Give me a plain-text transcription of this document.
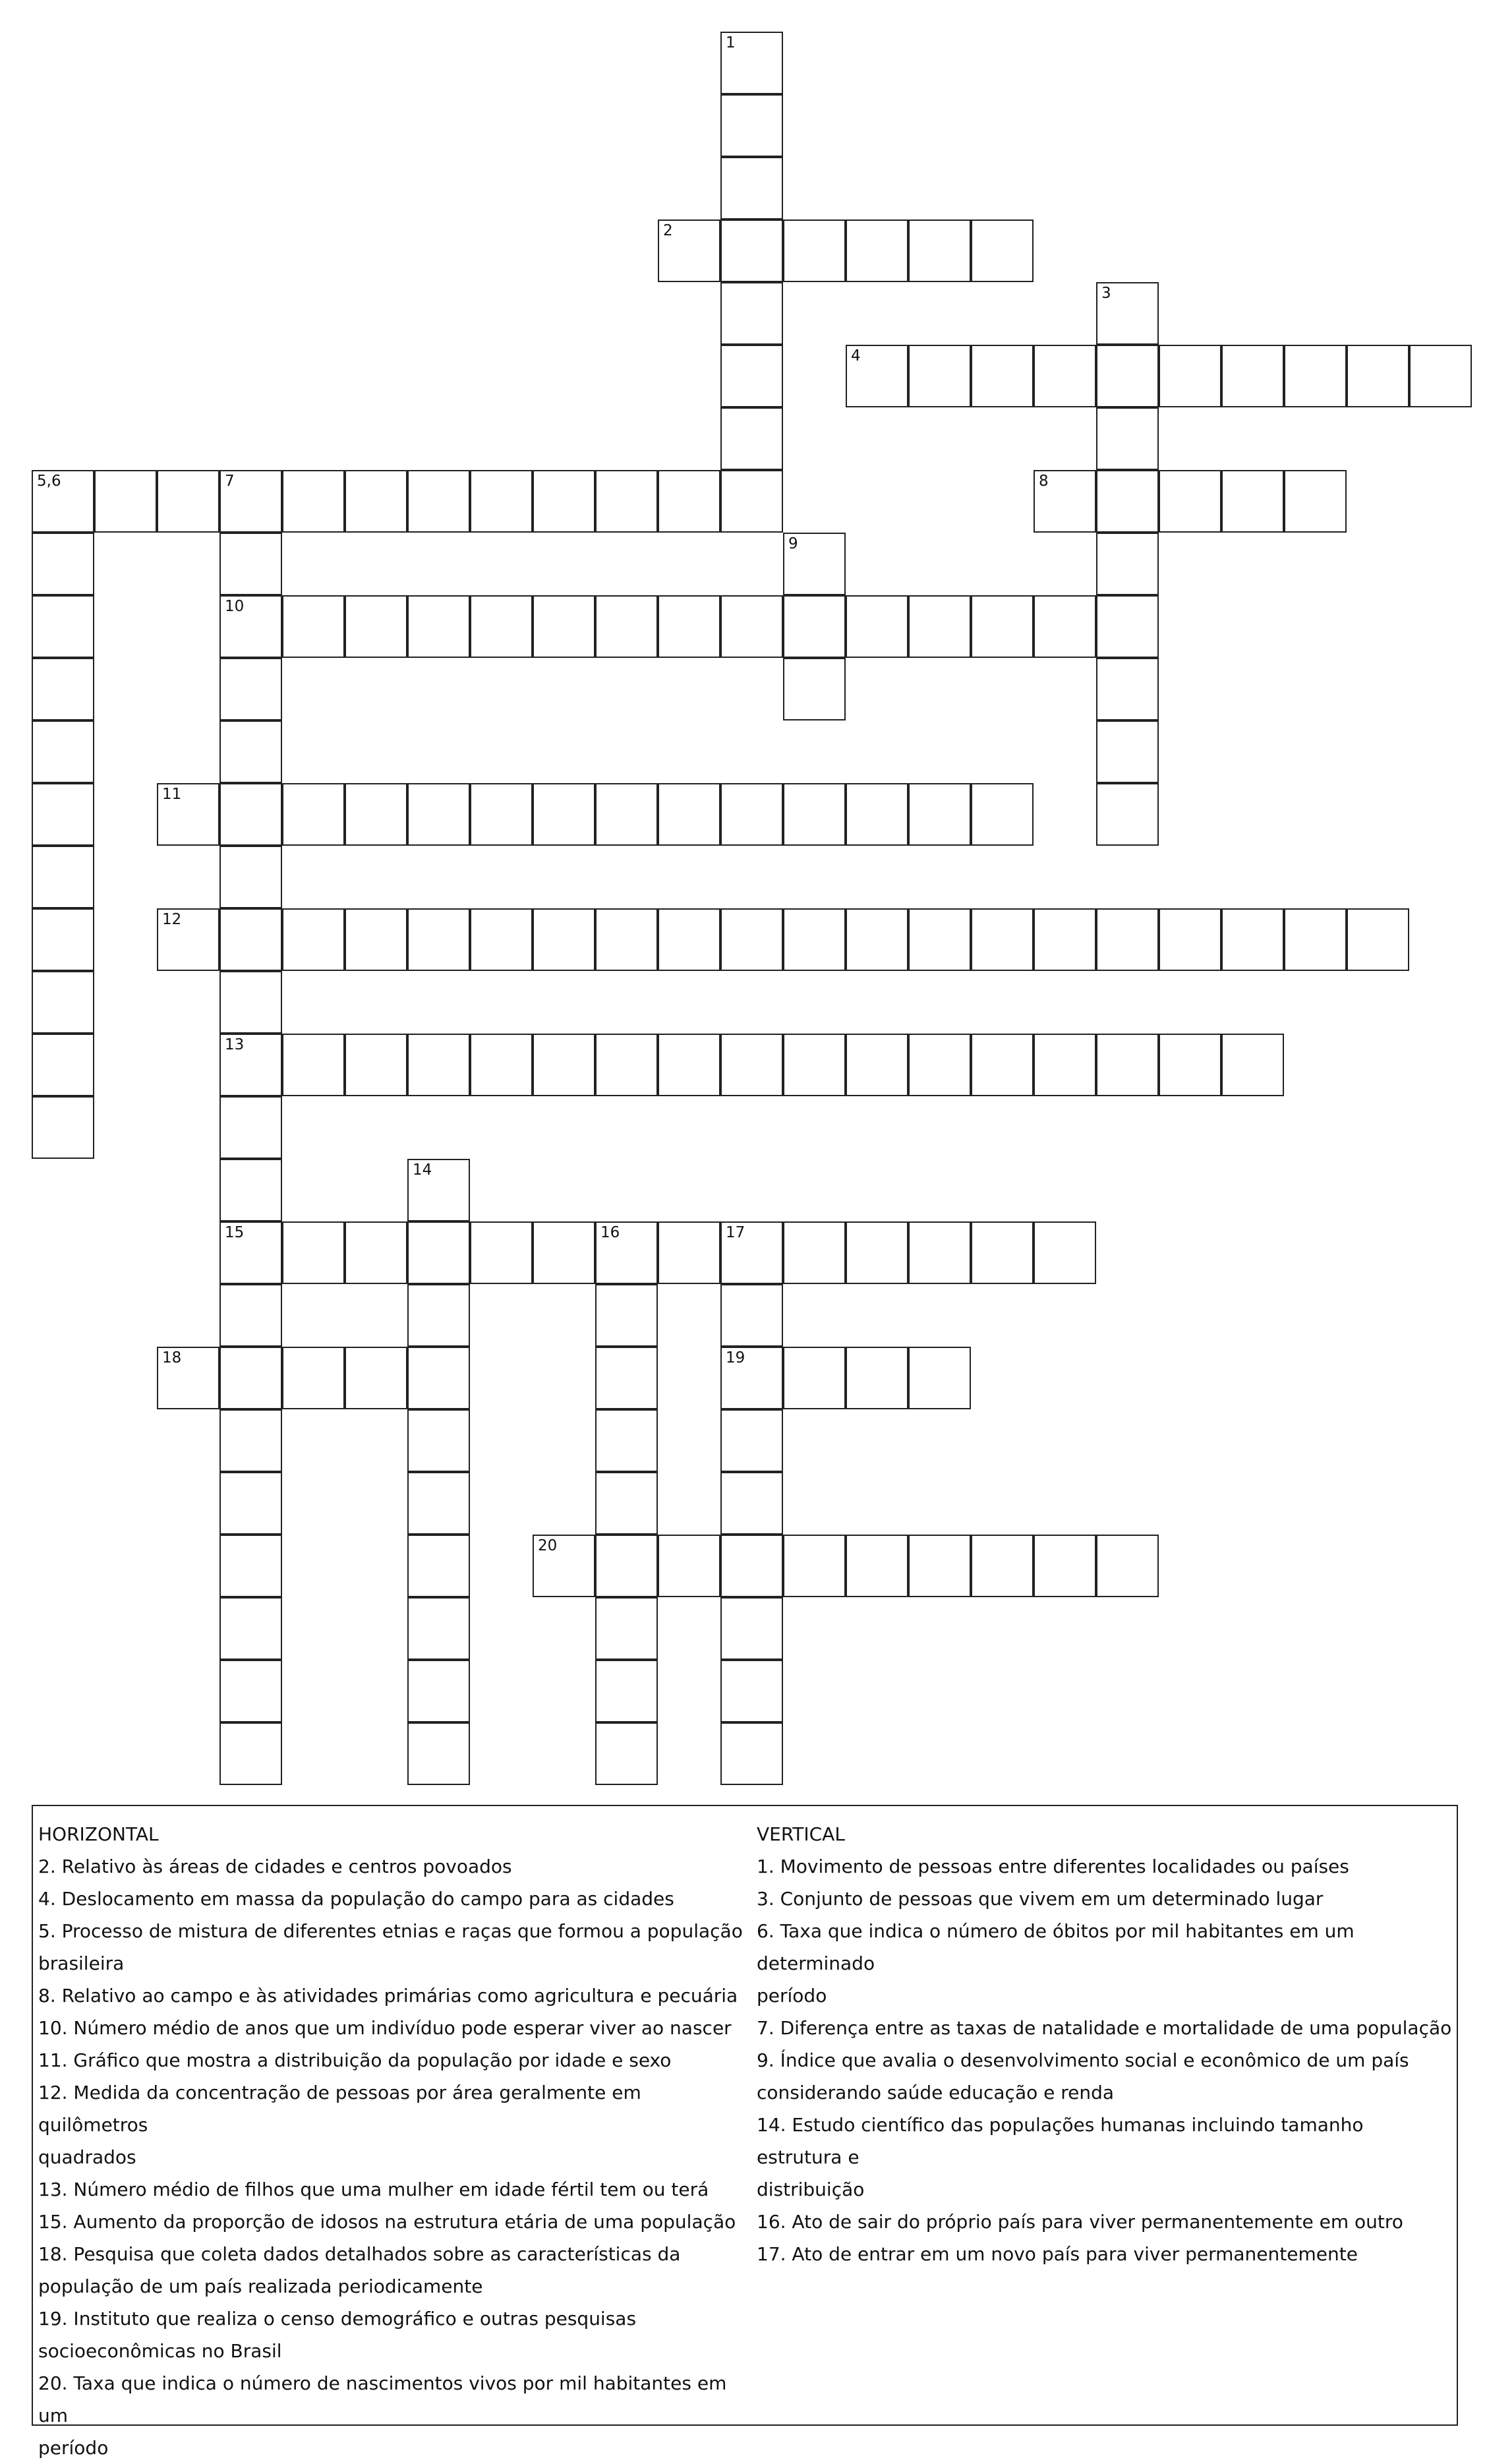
1
2
3
4
5,6	7	8
9
10
11
12
13
14
15	16	17
18	19
20

HORIZONTAL

2. Relativo às áreas de cidades e centros povoados

4. Deslocamento em massa da população do campo para as cidades

5. Processo de mistura de diferentes etnias e raças que formou a população

brasileira

8. Relativo ao campo e às atividades primárias como agricultura e pecuária

10. Número médio de anos que um indivíduo pode esperar viver ao nascer

11. Gráfico que mostra a distribuição da população por idade e sexo

12. Medida da concentração de pessoas por área geralmente em quilômetros

quadrados

13. Número médio de filhos que uma mulher em idade fértil tem ou terá

15. Aumento da proporção de idosos na estrutura etária de uma população

18. Pesquisa que coleta dados detalhados sobre as características da

população de um país realizada periodicamente

19. Instituto que realiza o censo demográfico e outras pesquisas

socioeconômicas no Brasil

20. Taxa que indica o número de nascimentos vivos por mil habitantes em um

período

VERTICAL

1. Movimento de pessoas entre diferentes localidades ou países

3. Conjunto de pessoas que vivem em um determinado lugar

6. Taxa que indica o número de óbitos por mil habitantes em um determinado

período

7. Diferença entre as taxas de natalidade e mortalidade de uma população

9. Índice que avalia o desenvolvimento social e econômico de um país

considerando saúde educação e renda

14. Estudo científico das populações humanas incluindo tamanho estrutura e

distribuição

16. Ato de sair do próprio país para viver permanentemente em outro

17. Ato de entrar em um novo país para viver permanentemente
